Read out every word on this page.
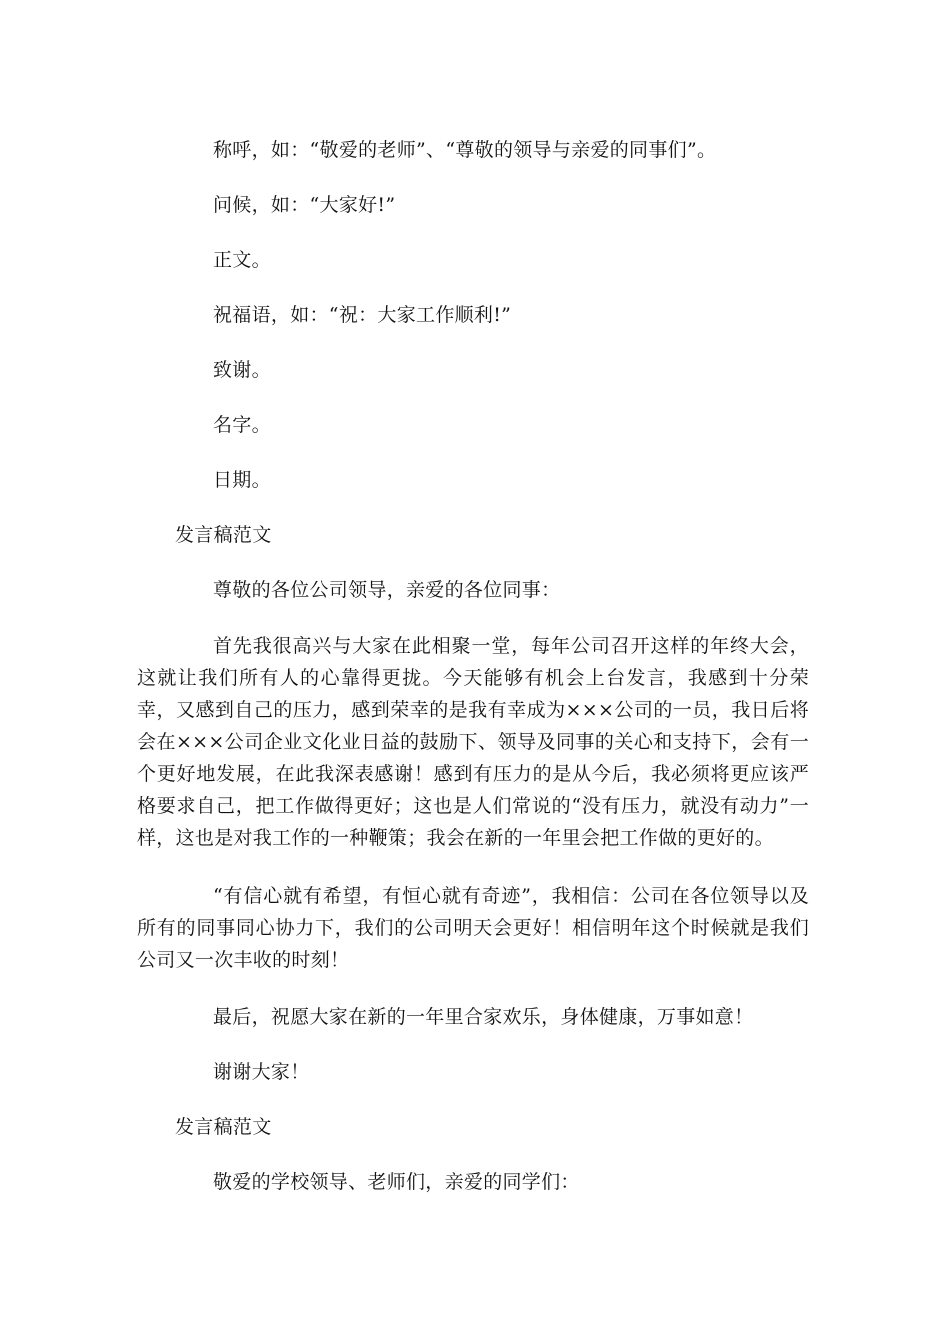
称呼，如：“敬爱的老师”、“尊敬的领导与亲爱的同事们”。
问候，如：“大家好!”
正文。
祝福语，如：“祝：大家工作顺利!”
致谢。
名字。
日期。
发言稿范文
尊敬的各位公司领导，亲爱的各位同事：
首先我很高兴与大家在此相聚一堂，每年公司召开这样的年终大会，这就让我们所有人的心靠得更拢。今天能够有机会上台发言，我感到十分荣幸，又感到自己的压力，感到荣幸的是我有幸成为×××公司的一员，我日后将会在×××公司企业文化业日益的鼓励下、领导及同事的关心和支持下，会有一个更好地发展，在此我深表感谢！感到有压力的是从今后，我必须将更应该严格要求自己，把工作做得更好；这也是人们常说的“没有压力，就没有动力”一样，这也是对我工作的一种鞭策；我会在新的一年里会把工作做的更好的。
“有信心就有希望，有恒心就有奇迹”，我相信：公司在各位领导以及所有的同事同心协力下，我们的公司明天会更好！相信明年这个时候就是我们公司又一次丰收的时刻！
最后，祝愿大家在新的一年里合家欢乐，身体健康，万事如意！
谢谢大家！
发言稿范文
敬爱的学校领导、老师们，亲爱的同学们：
